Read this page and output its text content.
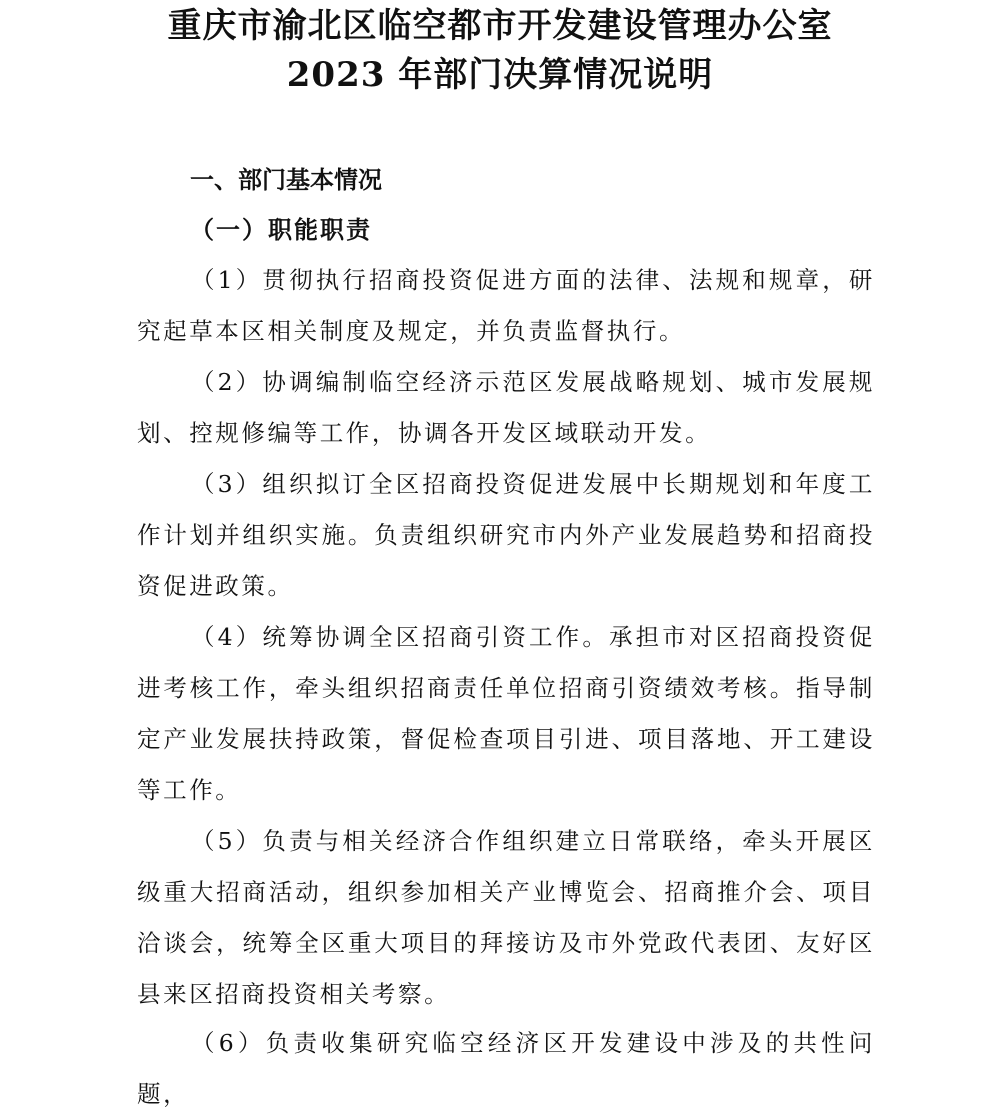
重庆市渝北区临空都市开发建设管理办公室
2023 年部门决算情况说明
一、部门基本情况
（一）职能职责

（1）贯彻执行招商投资促进方面的法律、法规和规章，研究起草本区相关制度及规定，并负责监督执行。

（2）协调编制临空经济示范区发展战略规划、城市发展规划、控规修编等工作，协调各开发区域联动开发。

（3）组织拟订全区招商投资促进发展中长期规划和年度工作计划并组织实施。负责组织研究市内外产业发展趋势和招商投资促进政策。

（4）统筹协调全区招商引资工作。承担市对区招商投资促进考核工作，牵头组织招商责任单位招商引资绩效考核。指导制定产业发展扶持政策，督促检查项目引进、项目落地、开工建设等工作。

（5）负责与相关经济合作组织建立日常联络，牵头开展区级重大招商活动，组织参加相关产业博览会、招商推介会、项目洽谈会，统筹全区重大项目的拜接访及市外党政代表团、友好区县来区招商投资相关考察。

（6）负责收集研究临空经济区开发建设中涉及的共性问题，
